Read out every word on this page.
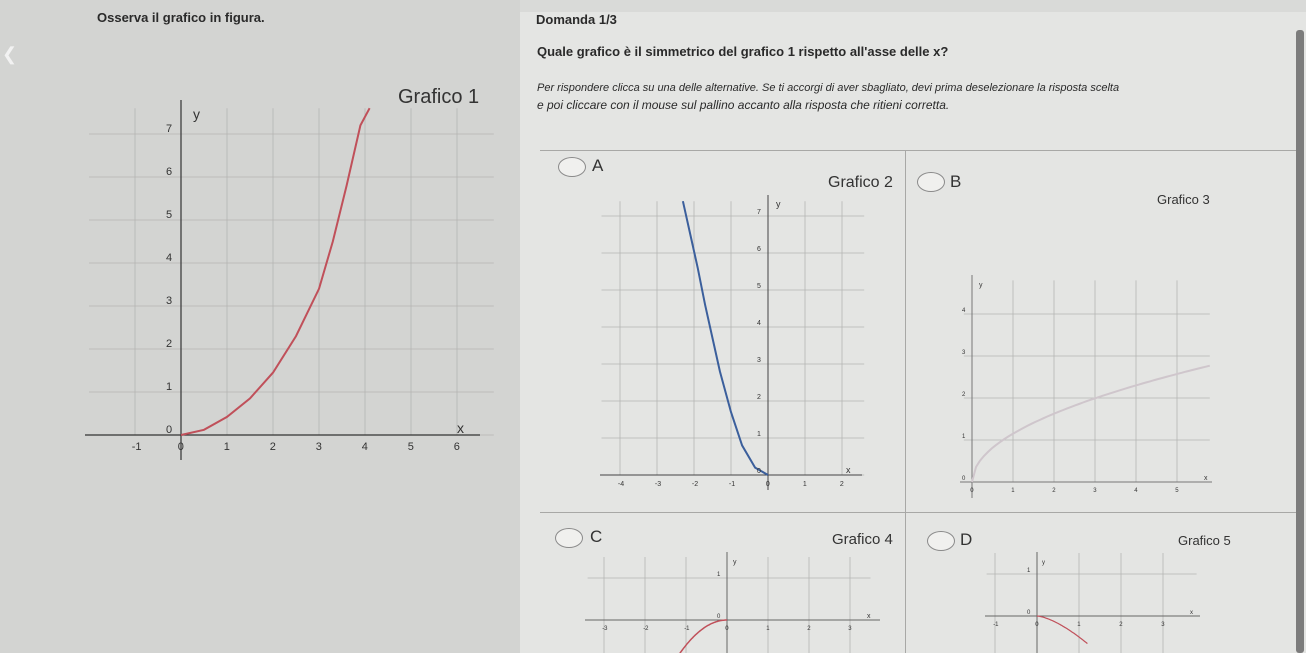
❮
Osserva il grafico in figura.
Grafico 1
-1	0	1	2	3	4	5	6
0
1
2
3
4
5
6
7
x
y
Domanda 1/3
Quale grafico è il simmetrico del grafico 1 rispetto all'asse delle x?
Per rispondere clicca su una delle alternative. Se ti accorgi di aver sbagliato, devi prima deselezionare la risposta scelta
e poi cliccare con il mouse sul pallino accanto alla risposta che ritieni corretta.
A
Grafico 2
-4	-3	-2	-1	0	1	2
0
1
2
3
4
5
6
7
x
y
B
Grafico 3
0	1	2	3	4	5
0
1
2
3
4
x
y
C	Grafico 4
-3	-2	-1	0	1	2	3
0
1
x
y
D	Grafico 5
-1	0	1	2	3
0
1
x
y
